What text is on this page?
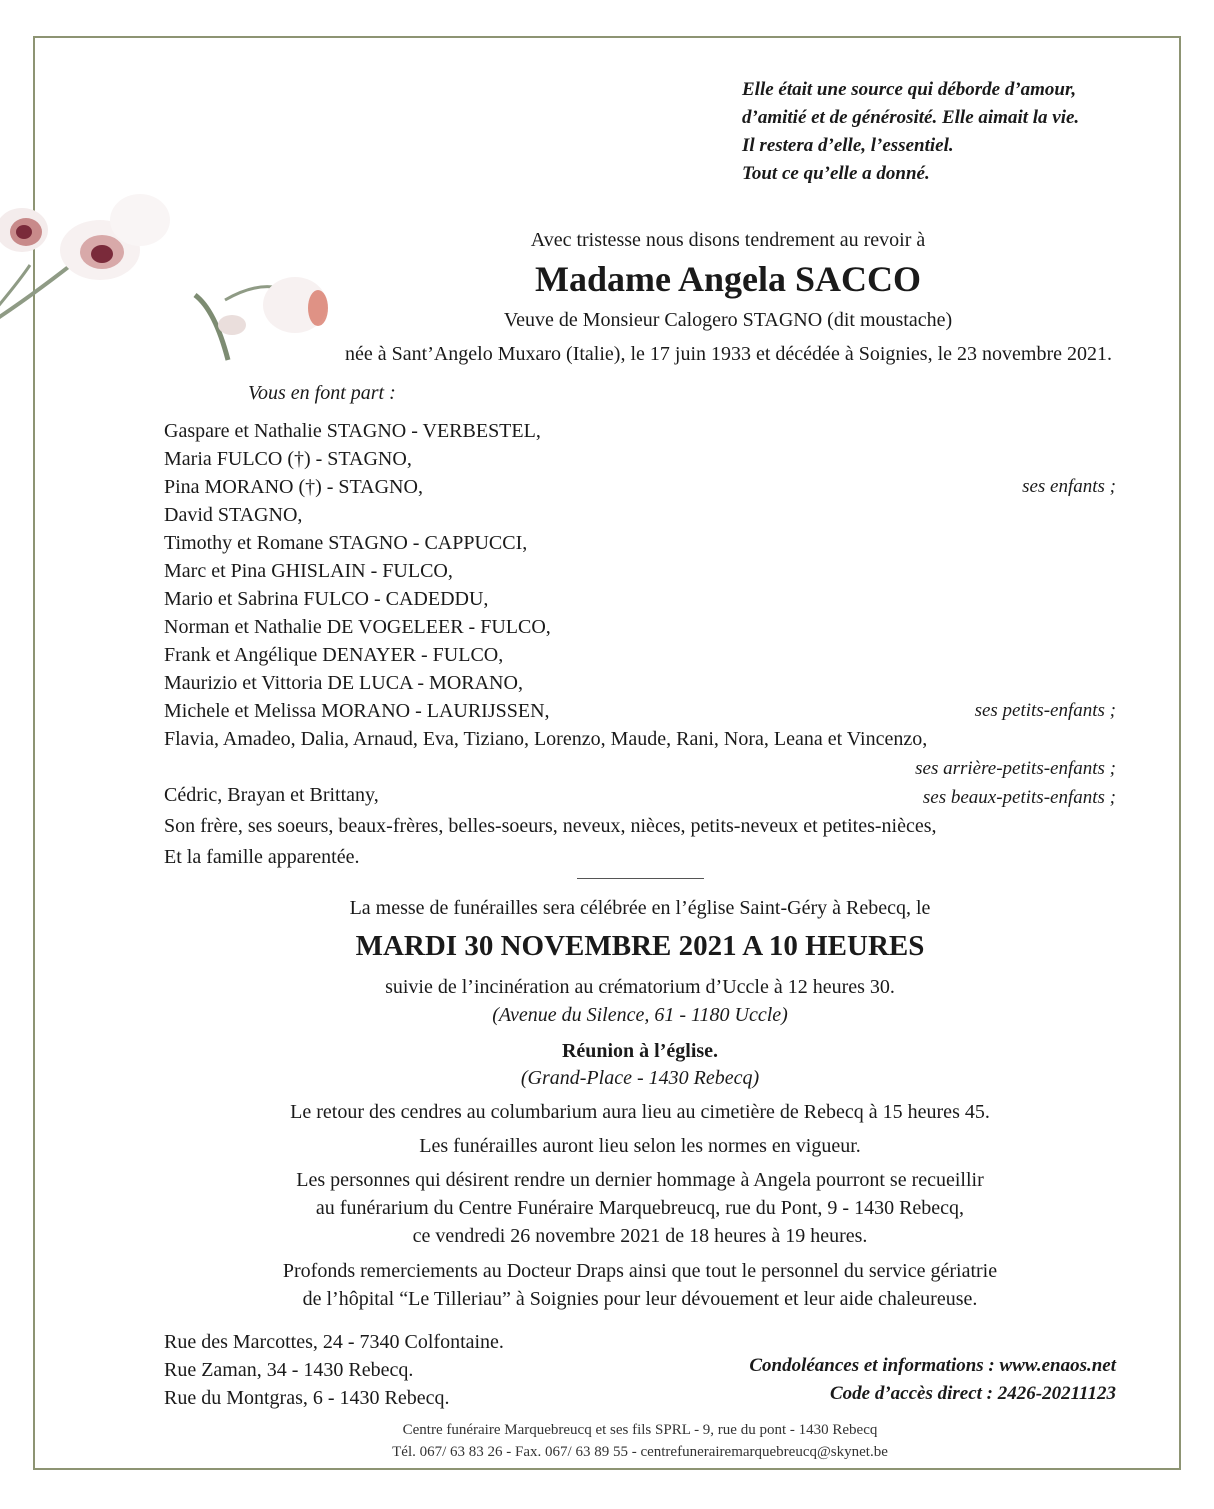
Elle était une source qui déborde d’amour,
d’amitié et de générosité. Elle aimait la vie.
Il restera d’elle, l’essentiel.
Tout ce qu’elle a donné.
Avec tristesse nous disons tendrement au revoir à
Madame Angela SACCO
Veuve de Monsieur Calogero STAGNO (dit moustache)
née à Sant’Angelo Muxaro (Italie), le 17 juin 1933 et décédée à Soignies, le 23 novembre 2021.
Vous en font part :
Gaspare et Nathalie STAGNO - VERBESTEL,
Maria FULCO (†) - STAGNO,
Pina MORANO (†) - STAGNO,
David STAGNO,
Timothy et Romane STAGNO - CAPPUCCI,
Marc et Pina GHISLAIN - FULCO,
Mario et Sabrina FULCO - CADEDDU,
Norman et Nathalie DE VOGELEER - FULCO,
Frank et Angélique DENAYER - FULCO,
Maurizio et Vittoria DE LUCA - MORANO,
Michele et Melissa MORANO - LAURIJSSEN,
Flavia, Amadeo, Dalia, Arnaud, Eva, Tiziano, Lorenzo, Maude, Rani, Nora, Leana et Vincenzo,
Cédric, Brayan et Brittany,
Son frère, ses soeurs, beaux-frères, belles-soeurs, neveux, nièces, petits-neveux et petites-nièces,
Et la famille apparentée.
ses enfants ;
ses petits-enfants ;
ses arrière-petits-enfants ;
ses beaux-petits-enfants ;
La messe de funérailles sera célébrée en l’église Saint-Géry à Rebecq, le
MARDI 30 NOVEMBRE 2021 A 10 HEURES
suivie de l’incinération au crématorium d’Uccle à 12 heures 30.
(Avenue du Silence, 61 - 1180 Uccle)
Réunion à l’église.
(Grand-Place - 1430 Rebecq)
Le retour des cendres au columbarium aura lieu au cimetière de Rebecq à 15 heures 45.
Les funérailles auront lieu selon les normes en vigueur.
Les personnes qui désirent rendre un dernier hommage à Angela pourront se recueillir
au funérarium du Centre Funéraire Marquebreucq, rue du Pont, 9 - 1430 Rebecq,
ce vendredi 26 novembre 2021 de 18 heures à 19 heures.
Profonds remerciements au Docteur Draps ainsi que tout le personnel du service gériatrie
de l’hôpital “Le Tilleriau” à Soignies pour leur dévouement et leur aide chaleureuse.
Rue des Marcottes, 24 - 7340 Colfontaine.
Rue Zaman, 34 - 1430 Rebecq.
Rue du Montgras, 6 - 1430 Rebecq.
Condoléances et informations : www.enaos.net
Code d’accès direct : 2426-20211123
Centre funéraire Marquebreucq et ses fils SPRL - 9, rue du pont - 1430 Rebecq
Tél. 067/ 63 83 26 - Fax. 067/ 63 89 55 - centrefunerairemarquebreucq@skynet.be
